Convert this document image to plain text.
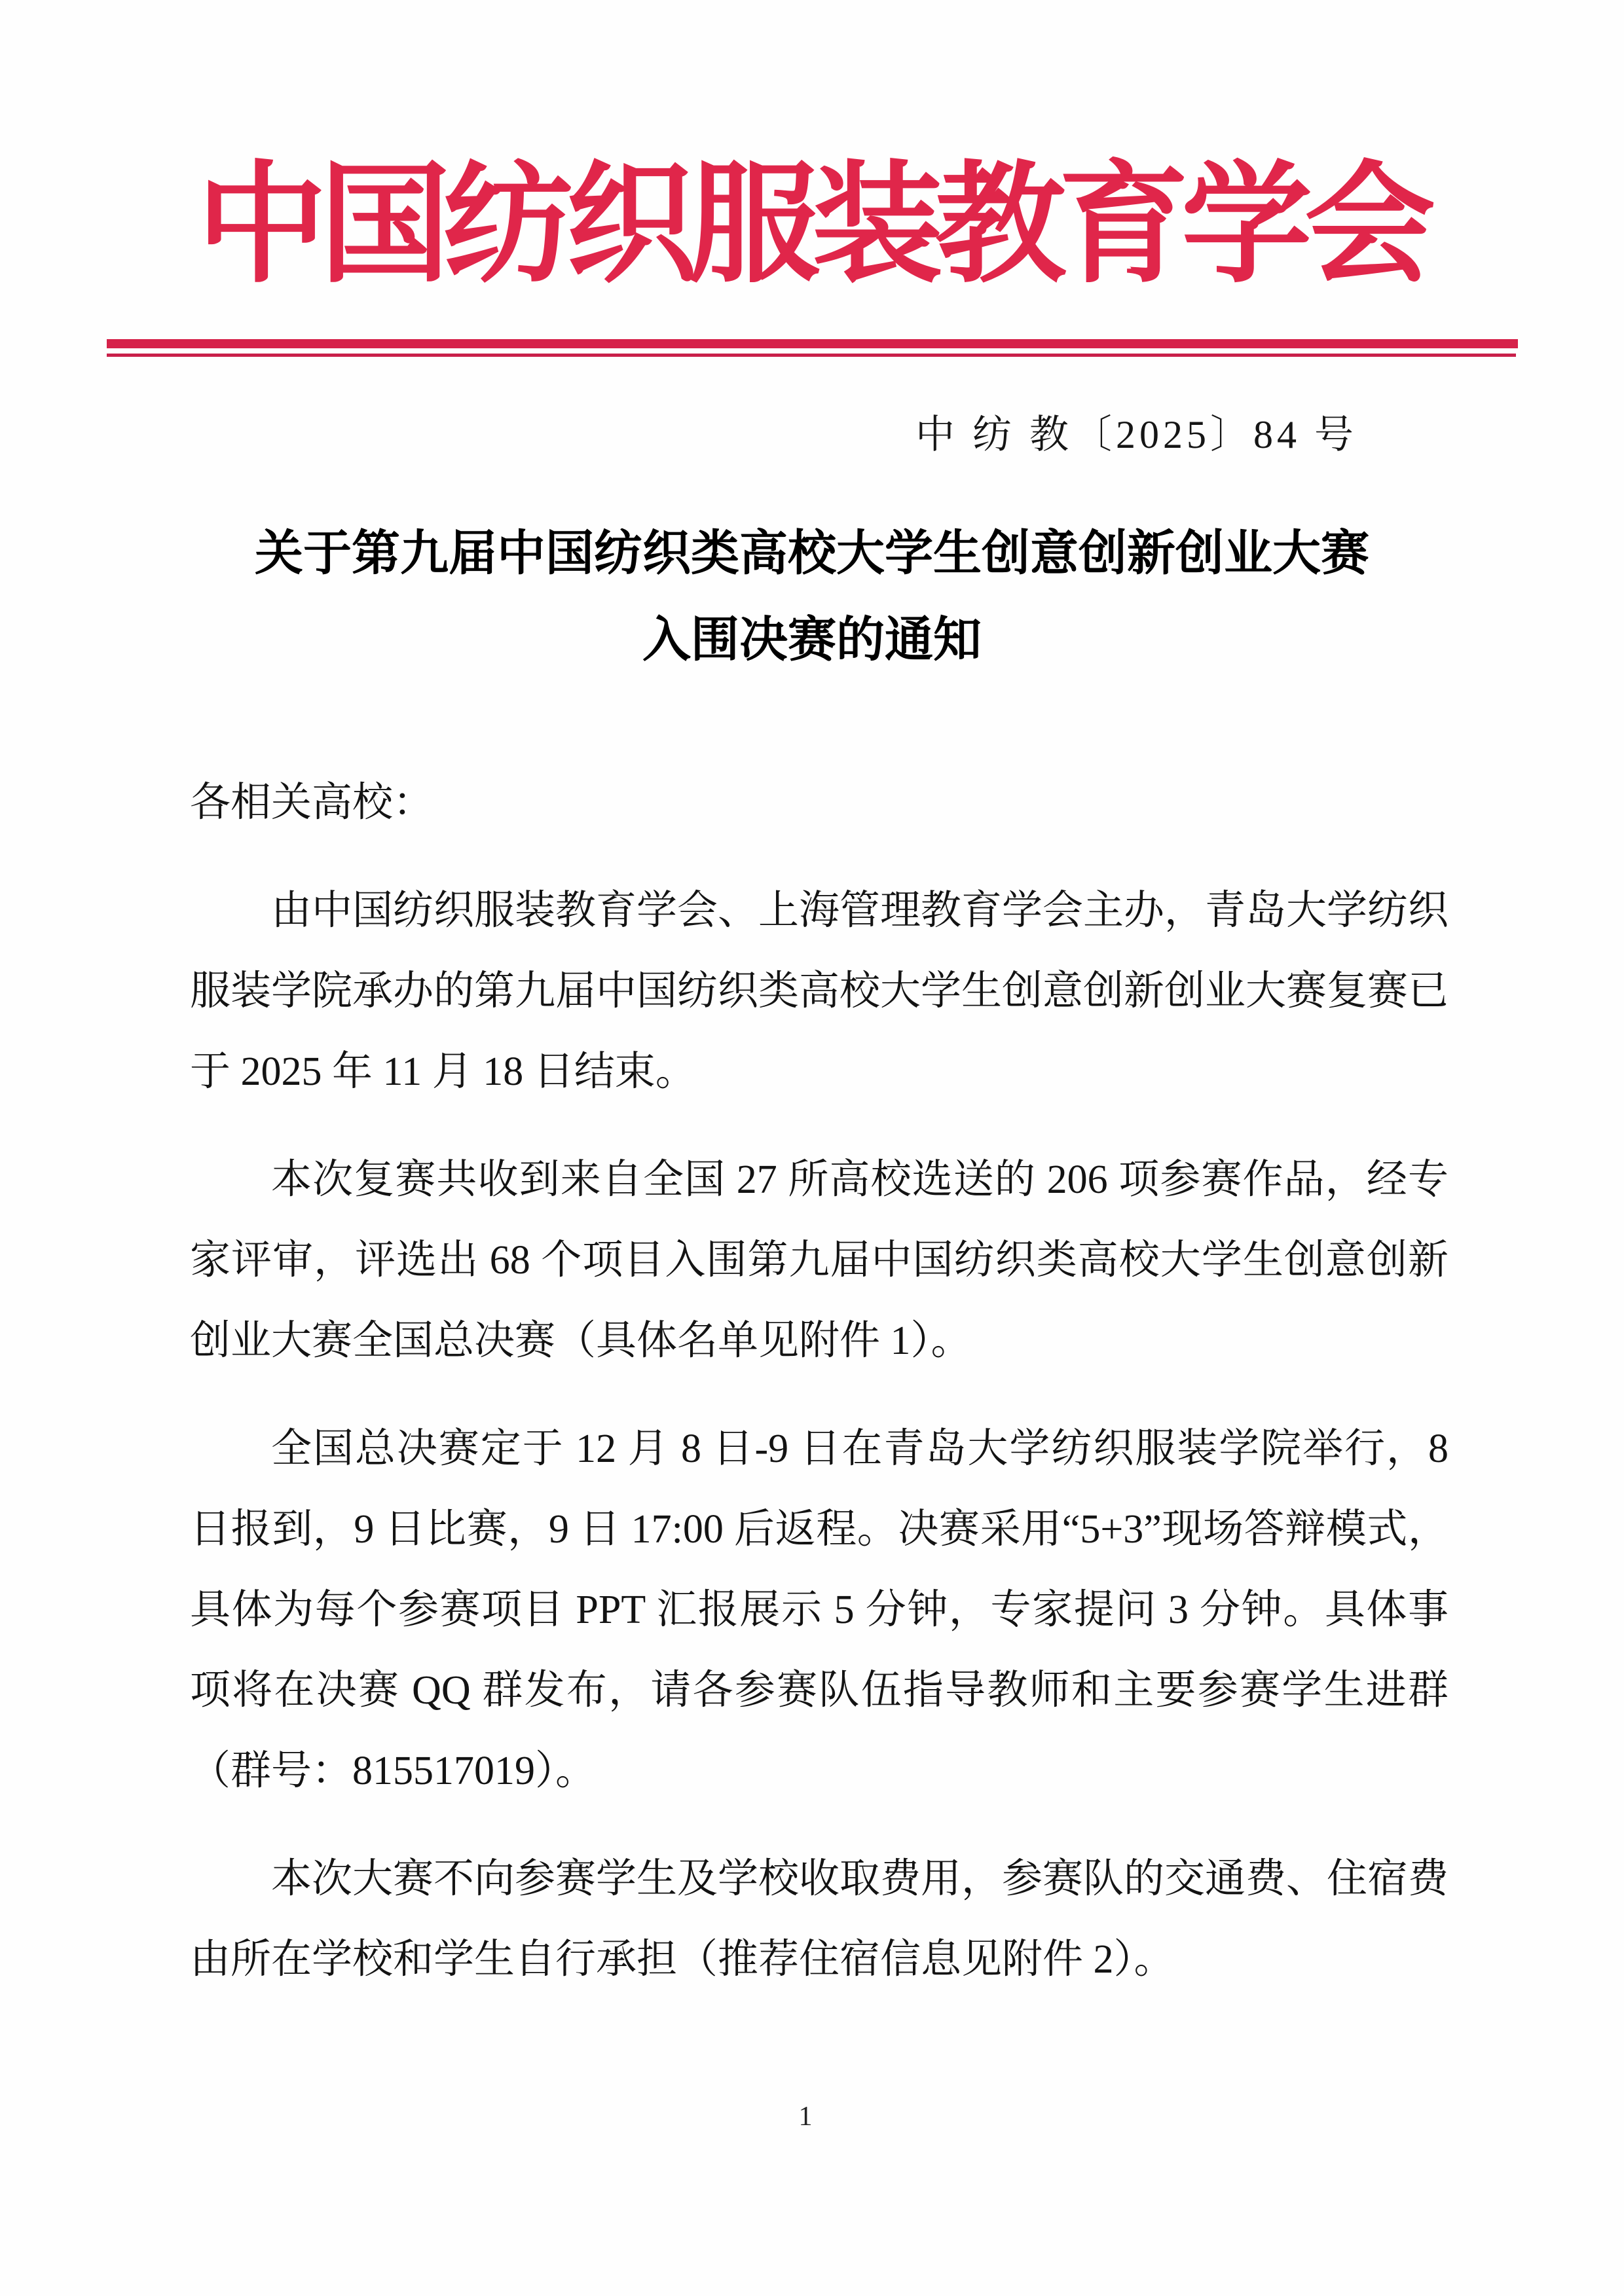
中国纺织服装教育学会
中 纺 教〔2025〕84 号
关于第九届中国纺织类高校大学生创意创新创业大赛
入围决赛的通知

各相关高校：

由中国纺织服装教育学会、上海管理教育学会主办，青岛大学纺织服装学院承办的第九届中国纺织类高校大学生创意创新创业大赛复赛已于 2025 年 11 月 18 日结束。

本次复赛共收到来自全国 27 所高校选送的 206 项参赛作品，经专家评审，评选出 68 个项目入围第九届中国纺织类高校大学生创意创新创业大赛全国总决赛（具体名单见附件 1）。

全国总决赛定于 12 月 8 日-9 日在青岛大学纺织服装学院举行，8 日报到，9 日比赛，9 日 17:00 后返程。决赛采用“5+3”现场答辩模式，具体为每个参赛项目 PPT 汇报展示 5 分钟，专家提问 3 分钟。具体事项将在决赛 QQ 群发布，请各参赛队伍指导教师和主要参赛学生进群（群号：815517019）。

本次大赛不向参赛学生及学校收取费用，参赛队的交通费、住宿费由所在学校和学生自行承担（推荐住宿信息见附件 2）。

1
